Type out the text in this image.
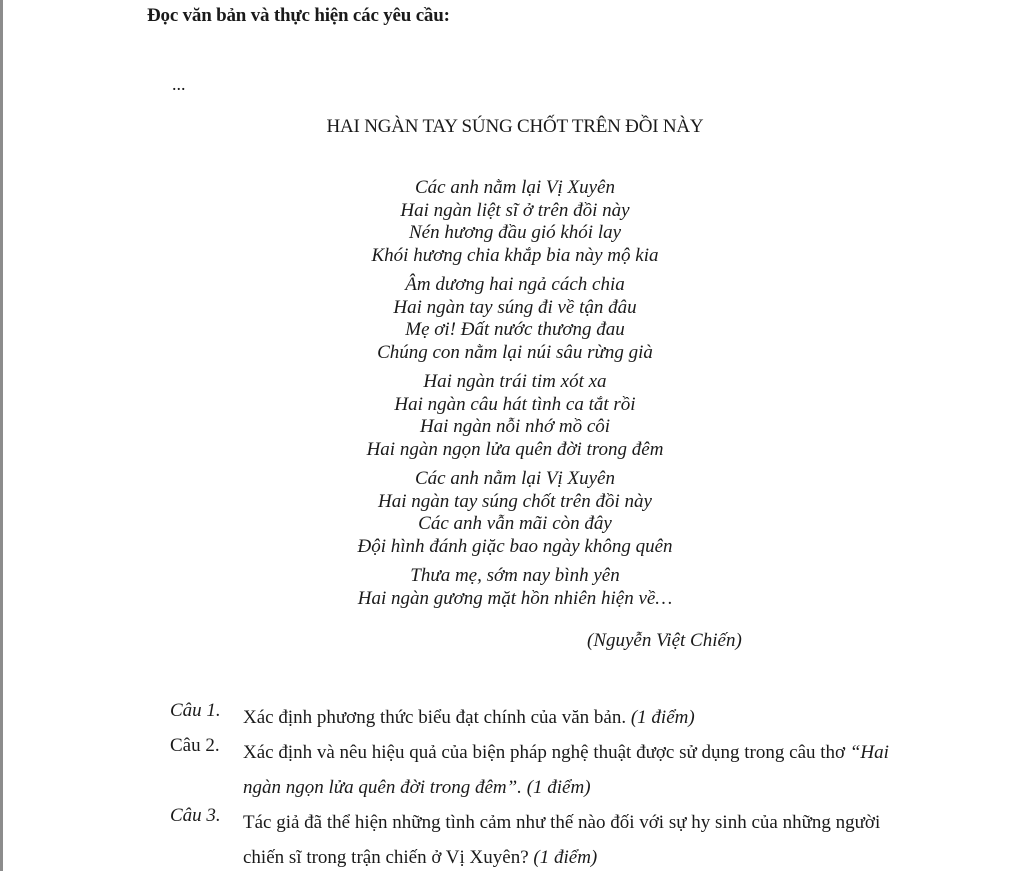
Đọc văn bản và thực hiện các yêu cầu:
...
HAI NGÀN TAY SÚNG CHỐT TRÊN ĐỒI NÀY
Các anh nằm lại Vị Xuyên
Hai ngàn liệt sĩ ở trên đồi này
Nén hương đầu gió khói lay
Khói hương chia khắp bia này mộ kia
Âm dương hai ngả cách chia
Hai ngàn tay súng đi về tận đâu
Mẹ ơi! Đất nước thương đau
Chúng con nằm lại núi sâu rừng già
Hai ngàn trái tim xót xa
Hai ngàn câu hát tình ca tắt rồi
Hai ngàn nỗi nhớ mồ côi
Hai ngàn ngọn lửa quên đời trong đêm
Các anh nằm lại Vị Xuyên
Hai ngàn tay súng chốt trên đồi này
Các anh vẫn mãi còn đây
Đội hình đánh giặc bao ngày không quên
Thưa mẹ, sớm nay bình yên
Hai ngàn gương mặt hồn nhiên hiện về…
(Nguyễn Việt Chiến)
Câu 1. Xác định phương thức biểu đạt chính của văn bản. (1 điểm)
Câu 2. Xác định và nêu hiệu quả của biện pháp nghệ thuật được sử dụng trong câu thơ “Hai ngàn ngọn lửa quên đời trong đêm”. (1 điểm)
Câu 3. Tác giả đã thể hiện những tình cảm như thế nào đối với sự hy sinh của những người chiến sĩ trong trận chiến ở Vị Xuyên? (1 điểm)
